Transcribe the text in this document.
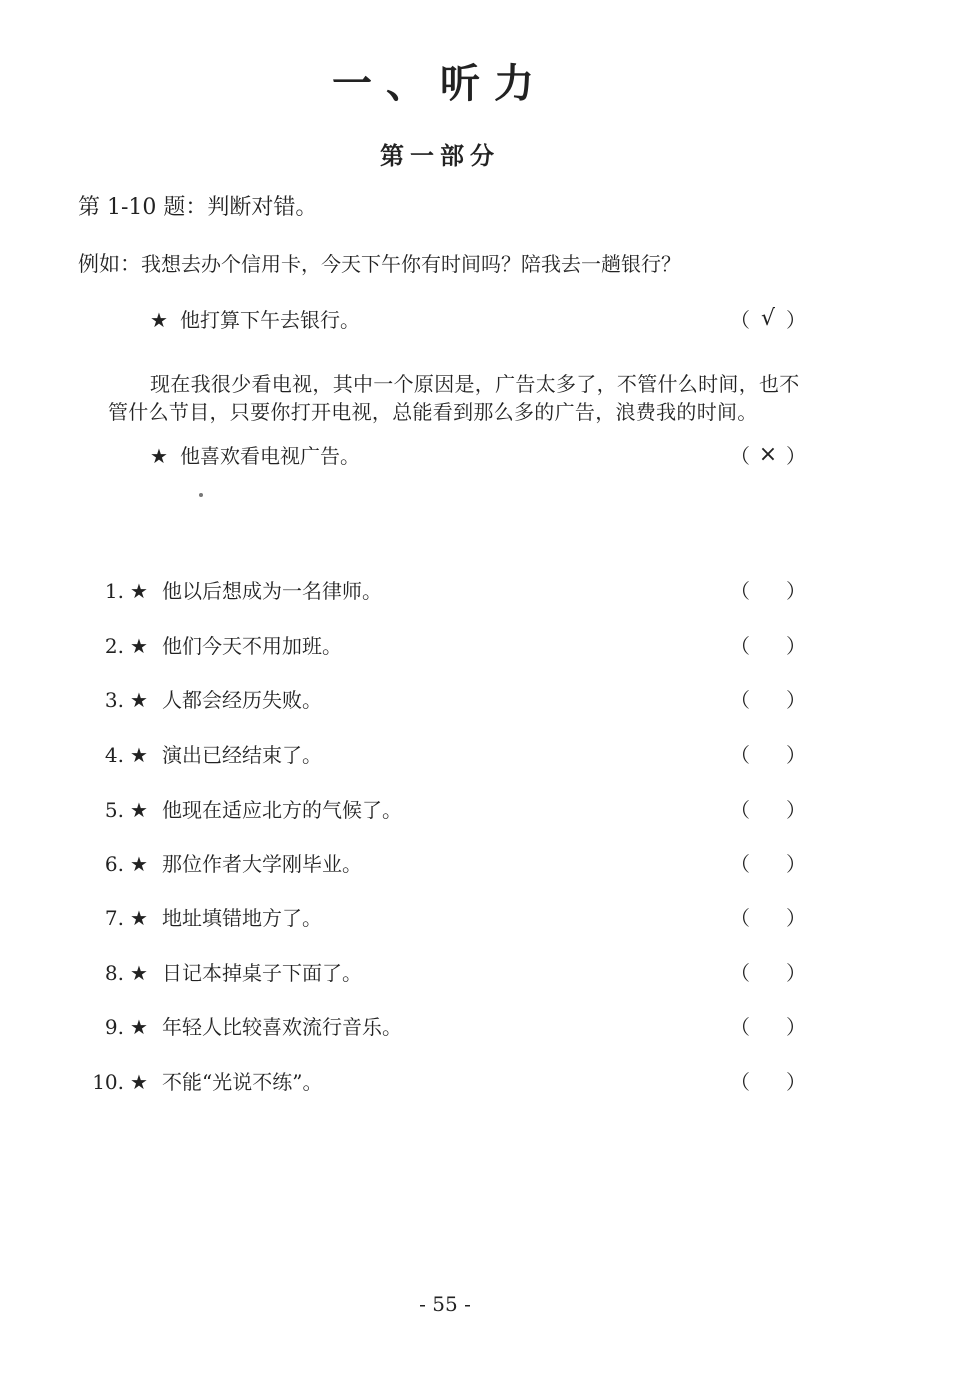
一、听力
第一部分
第 1-10 题：判断对错。
例如：我想去办个信用卡，今天下午你有时间吗？陪我去一趟银行？
★ 他打算下午去银行。	（ √ ）
现在我很少看电视，其中一个原因是，广告太多了，不管什么时间，也不管什么节目，只要你打开电视，总能看到那么多的广告，浪费我的时间。
★ 他喜欢看电视广告。	（ × ）
1. ★ 他以后想成为一名律师。	（ ）
2. ★ 他们今天不用加班。	（ ）
3. ★ 人都会经历失败。	（ ）
4. ★ 演出已经结束了。	（ ）
5. ★ 他现在适应北方的气候了。	（ ）
6. ★ 那位作者大学刚毕业。	（ ）
7. ★ 地址填错地方了。	（ ）
8. ★ 日记本掉桌子下面了。	（ ）
9. ★ 年轻人比较喜欢流行音乐。	（ ）
10. ★ 不能“光说不练”。	（ ）
- 55 -
